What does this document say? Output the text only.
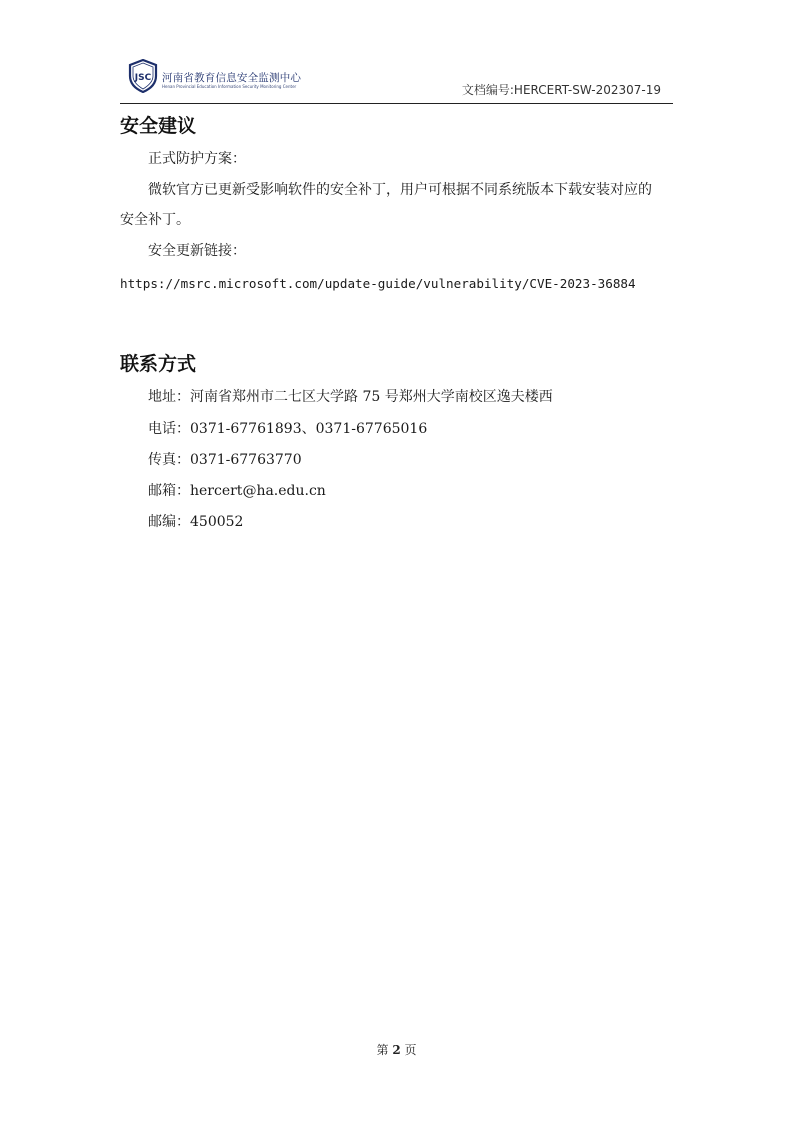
JSC 河南省教育信息安全监测中心
Henan Provincial Education Information Security Monitoring Center	文档编号:HERCERT-SW-202307-19
安全建议

正式防护方案：

微软官方已更新受影响软件的安全补丁，用户可根据不同系统版本下载安装对应的

安全补丁。

安全更新链接：

https://msrc.microsoft.com/update-guide/vulnerability/CVE-2023-36884

联系方式

地址：河南省郑州市二七区大学路 75 号郑州大学南校区逸夫楼西

电话：0371-67761893、0371-67765016

传真：0371-67763770

邮箱：hercert@ha.edu.cn

邮编：450052

第 2 页
